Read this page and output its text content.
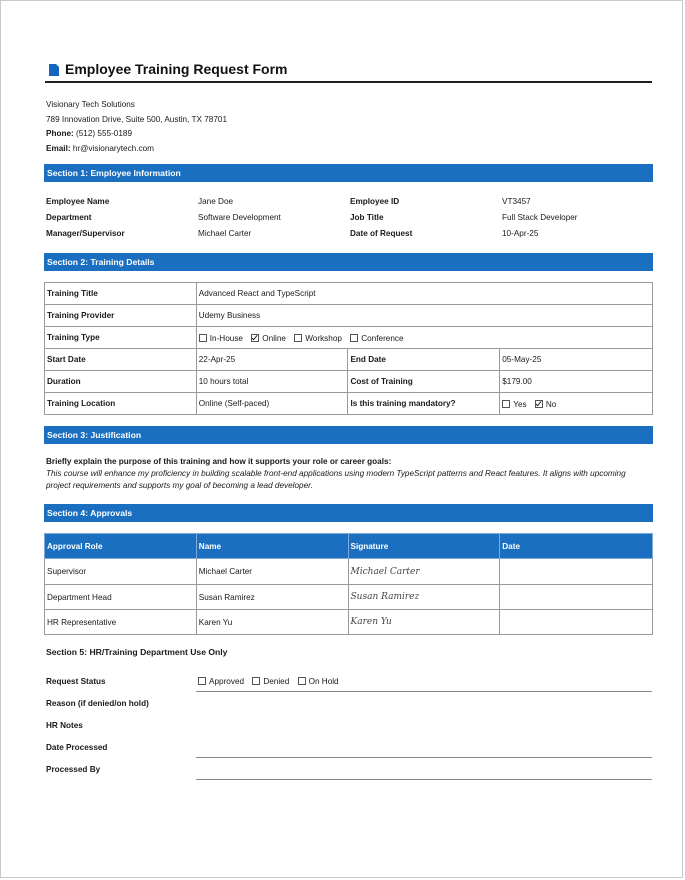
Employee Training Request Form
Visionary Tech Solutions
789 Innovation Drive, Suite 500, Austin, TX 78701
Phone: (512) 555-0189
Email: hr@visionarytech.com
Section 1: Employee Information
Employee Name	Jane Doe	Employee ID	VT3457
Department	Software Development	Job Title	Full Stack Developer
Manager/Supervisor	Michael Carter	Date of Request	10-Apr-25
Section 2: Training Details
Training Title	Advanced React and TypeScript		
Training Provider	Udemy Business		
Training Type	In-House Online Workshop Conference		
Start Date	22-Apr-25	End Date	05-May-25
Duration	10 hours total	Cost of Training	$179.00
Training Location	Online (Self-paced)	Is this training mandatory?	Yes No
Section 3: Justification
Briefly explain the purpose of this training and how it supports your role or career goals:
This course will enhance my proficiency in building scalable front-end applications using modern TypeScript patterns and React features. It aligns with upcoming project requirements and supports my goal of becoming a lead developer.
Section 4: Approvals
Approval Role	Name	Signature	Date
Supervisor	Michael Carter	Michael Carter	
Department Head	Susan Ramirez	Susan Ramirez	
HR Representative	Karen Yu	Karen Yu	
Section 5: HR/Training Department Use Only
Request Status	Approved Denied On Hold
Reason (if denied/on hold)
HR Notes
Date Processed
Processed By
